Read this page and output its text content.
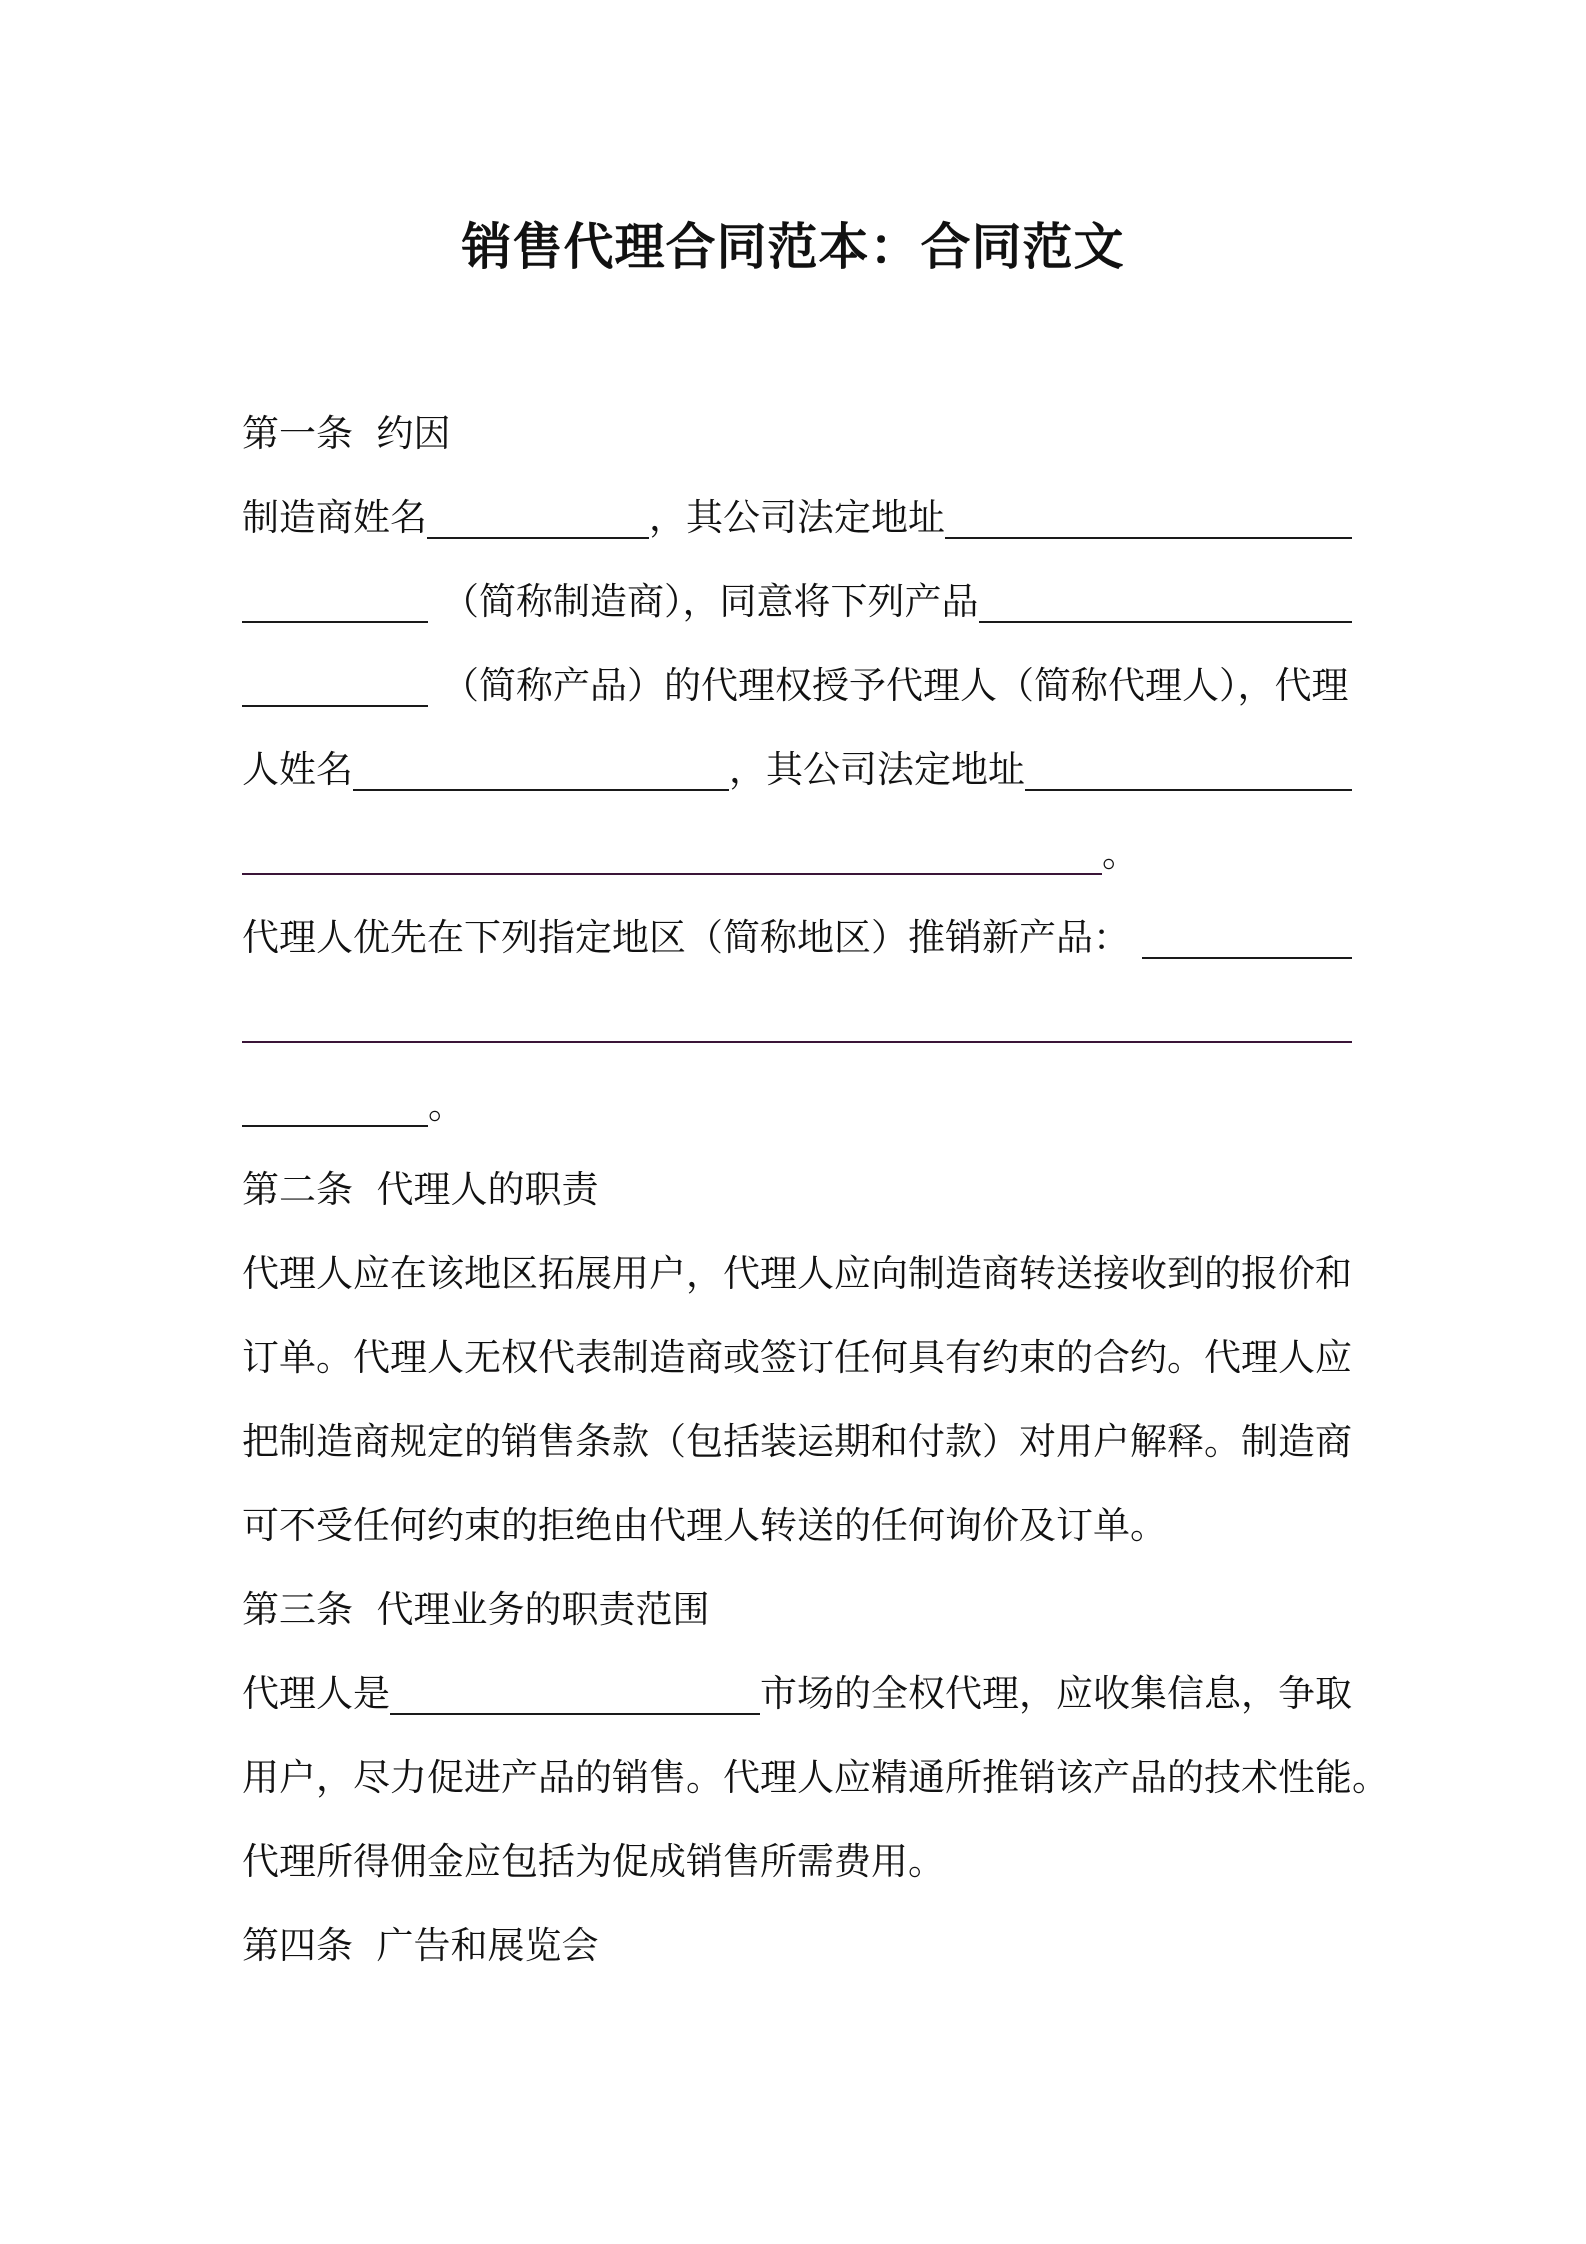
销售代理合同范本：合同范文
第一条  约因
制造商姓名	，其公司法定地址
（简称制造商），同意将下列产品
（简称产品）的代理权授予代理人（简称代理人），代理
人姓名	，其公司法定地址
。
代理人优先在下列指定地区（简称地区）推销新产品：
。
第二条  代理人的职责
代理人应在该地区拓展用户，代理人应向制造商转送接收到的报价和
订单。代理人无权代表制造商或签订任何具有约束的合约。代理人应
把制造商规定的销售条款（包括装运期和付款）对用户解释。制造商
可不受任何约束的拒绝由代理人转送的任何询价及订单。
第三条  代理业务的职责范围
代理人是	市场的全权代理，应收集信息，争取
用户，尽力促进产品的销售。代理人应精通所推销该产品的技术性能。
代理所得佣金应包括为促成销售所需费用。
第四条  广告和展览会
